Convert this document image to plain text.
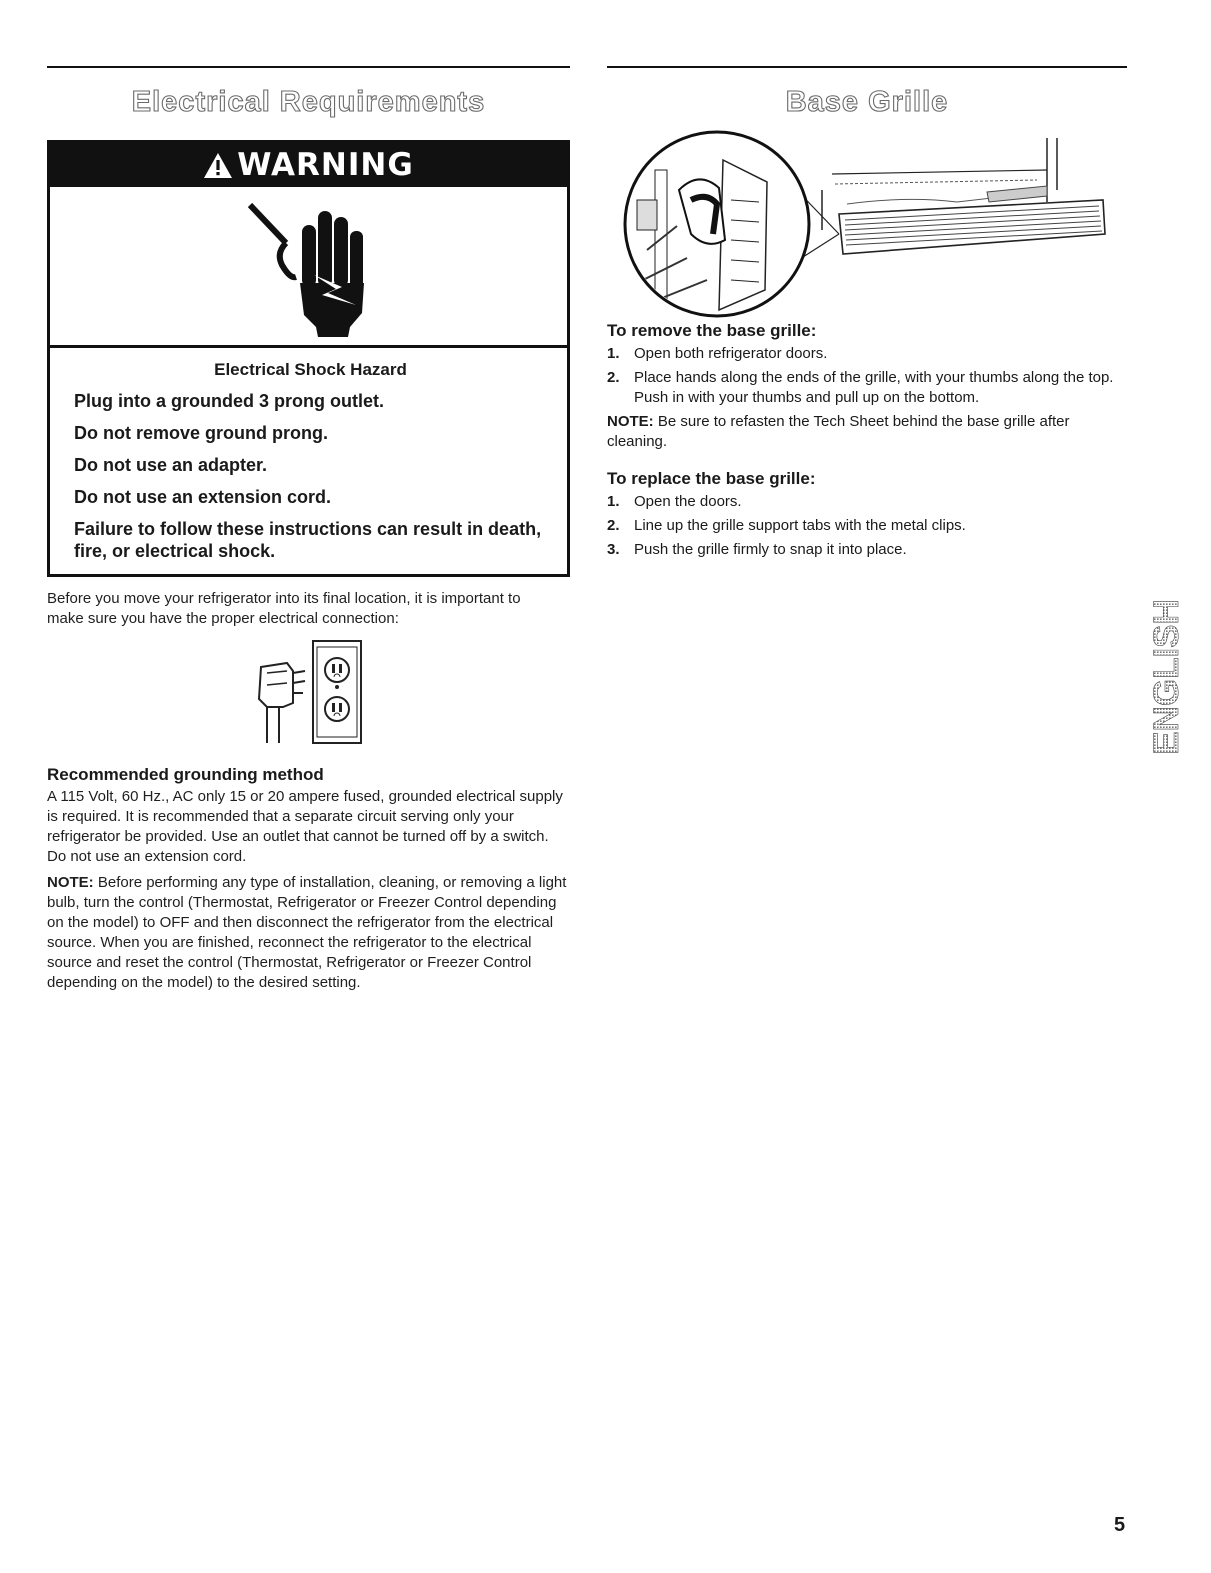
Electrical Requirements
WARNING
Electrical Shock Hazard

Plug into a grounded 3 prong outlet.

Do not remove ground prong.

Do not use an adapter.

Do not use an extension cord.

Failure to follow these instructions can result in death, fire, or electrical shock.

Before you move your refrigerator into its final location, it is important to make sure you have the proper electrical connection:

Recommended grounding method

A 115 Volt, 60 Hz., AC only 15 or 20 ampere fused, grounded electrical supply is required. It is recommended that a separate circuit serving only your refrigerator be provided. Use an outlet that cannot be turned off by a switch. Do not use an extension cord.

NOTE: Before performing any type of installation, cleaning, or removing a light bulb, turn the control (Thermostat, Refrigerator or Freezer Control depending on the model) to OFF and then disconnect the refrigerator from the electrical source. When you are finished, reconnect the refrigerator to the electrical source and reset the control (Thermostat, Refrigerator or Freezer Control depending on the model) to the desired setting.

Base Grille
To remove the base grille:
1. Open both refrigerator doors.
2. Place hands along the ends of the grille, with your thumbs along the top. Push in with your thumbs and pull up on the bottom.

NOTE: Be sure to refasten the Tech Sheet behind the base grille after cleaning.

To replace the base grille:
1. Open the doors.
2. Line up the grille support tabs with the metal clips.
3. Push the grille firmly to snap it into place.
ENGLISH
5
